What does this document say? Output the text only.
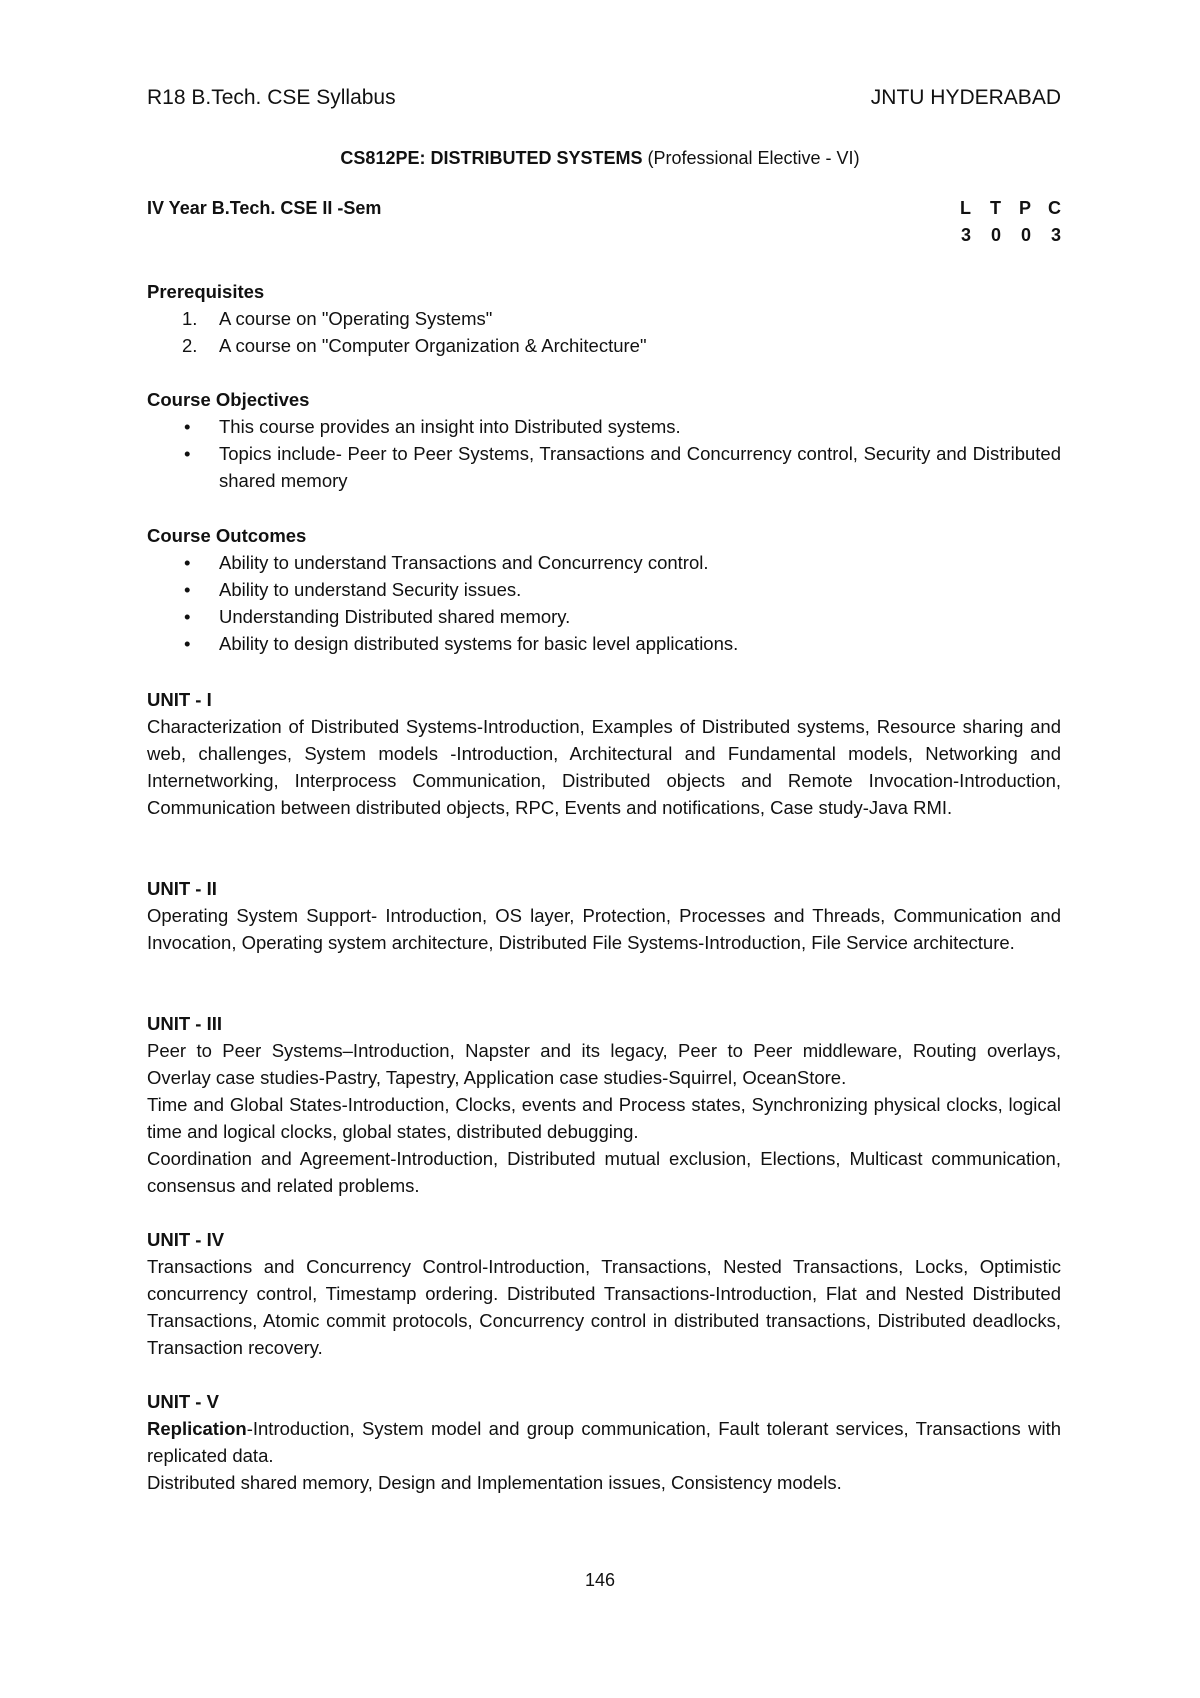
R18 B.Tech. CSE Syllabus	JNTU HYDERABAD
CS812PE: DISTRIBUTED SYSTEMS (Professional Elective - VI)
IV Year B.Tech. CSE II -Sem	L	T P C
3	0	0	3
Prerequisites
1. A course on "Operating Systems"
2. A course on "Computer Organization & Architecture"
Course Objectives
• This course provides an insight into Distributed systems.
• Topics include- Peer to Peer Systems, Transactions and Concurrency control, Security and Distributed shared memory
Course Outcomes
• Ability to understand Transactions and Concurrency control.
• Ability to understand Security issues.
• Understanding Distributed shared memory.
• Ability to design distributed systems for basic level applications.
UNIT - I
Characterization of Distributed Systems-Introduction, Examples of Distributed systems, Resource sharing and web, challenges, System models -Introduction, Architectural and Fundamental models, Networking and Internetworking, Interprocess Communication, Distributed objects and Remote Invocation-Introduction, Communication between distributed objects, RPC, Events and notifications, Case study-Java RMI.
UNIT - II
Operating System Support- Introduction, OS layer, Protection, Processes and Threads, Communication and Invocation, Operating system architecture, Distributed File Systems-Introduction, File Service architecture.
UNIT - III
Peer to Peer Systems–Introduction, Napster and its legacy, Peer to Peer middleware, Routing overlays, Overlay case studies-Pastry, Tapestry, Application case studies-Squirrel, OceanStore.
Time and Global States-Introduction, Clocks, events and Process states, Synchronizing physical clocks, logical time and logical clocks, global states, distributed debugging.
Coordination and Agreement-Introduction, Distributed mutual exclusion, Elections, Multicast communication, consensus and related problems.
UNIT - IV
Transactions and Concurrency Control-Introduction, Transactions, Nested Transactions, Locks, Optimistic concurrency control, Timestamp ordering. Distributed Transactions-Introduction, Flat and Nested Distributed Transactions, Atomic commit protocols, Concurrency control in distributed transactions, Distributed deadlocks, Transaction recovery.
UNIT - V
Replication-Introduction, System model and group communication, Fault tolerant services, Transactions with replicated data.
Distributed shared memory, Design and Implementation issues, Consistency models.
146
